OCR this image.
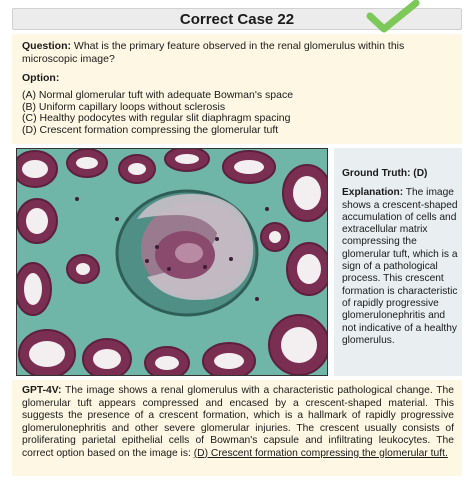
Correct Case 22
Question: What is the primary feature observed in the renal glomerulus within this microscopic image?
Option:
(A) Normal glomerular tuft with adequate Bowman's space
(B) Uniform capillary loops without sclerosis
(C) Healthy podocytes with regular slit diaphragm spacing
(D) Crescent formation compressing the glomerular tuft
Ground Truth: (D)
Explanation: The image shows a crescent-shaped accumulation of cells and extracellular matrix compressing the glomerular tuft, which is a sign of a pathological process. This crescent formation is characteristic of rapidly progressive glomerulonephritis and not indicative of a healthy glomerulus.
GPT-4V: The image shows a renal glomerulus with a characteristic pathological change. The glomerular tuft appears compressed and encased by a crescent-shaped material. This suggests the presence of a crescent formation, which is a hallmark of rapidly progressive glomerulonephritis and other severe glomerular injuries. The crescent usually consists of proliferating parietal epithelial cells of Bowman's capsule and infiltrating leukocytes. The correct option based on the image is: (D) Crescent formation compressing the glomerular tuft.
